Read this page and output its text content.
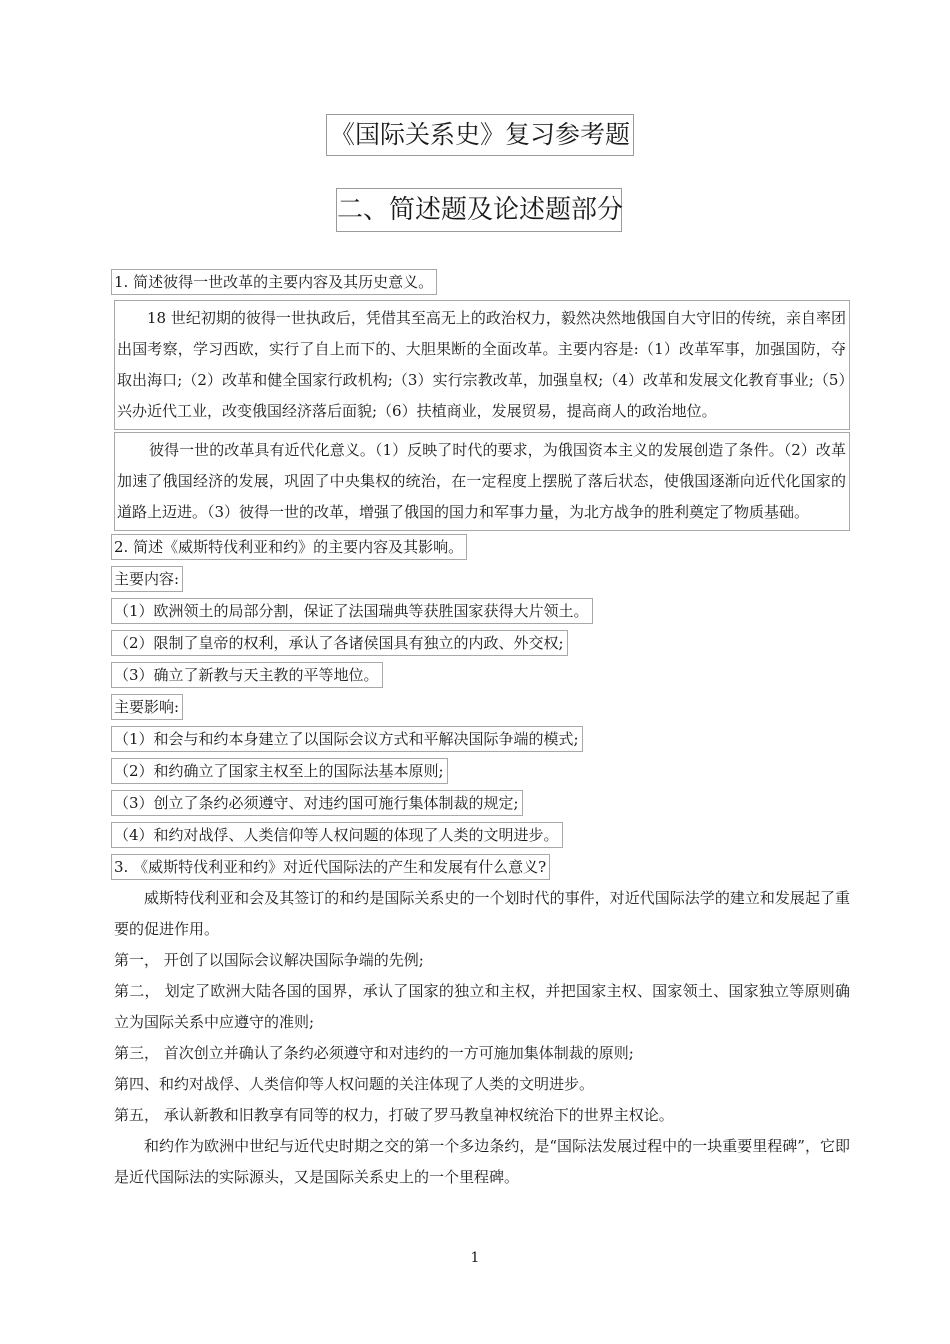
《国际关系史》复习参考题
二、简述题及论述题部分
1. 简述彼得一世改革的主要内容及其历史意义。

18 世纪初期的彼得一世执政后，凭借其至高无上的政治权力，毅然决然地俄国自大守旧的传统，亲自率团出国考察，学习西欧，实行了自上而下的、大胆果断的全面改革。主要内容是:（1）改革军事，加强国防，夺取出海口;（2）改革和健全国家行政机构;（3）实行宗教改革，加强皇权;（4）改革和发展文化教育事业;（5）兴办近代工业，改变俄国经济落后面貌;（6）扶植商业，发展贸易，提高商人的政治地位。

彼得一世的改革具有近代化意义。（1）反映了时代的要求，为俄国资本主义的发展创造了条件。（2）改革加速了俄国经济的发展，巩固了中央集权的统治，在一定程度上摆脱了落后状态，使俄国逐渐向近代化国家的道路上迈进。（3）彼得一世的改革，增强了俄国的国力和军事力量，为北方战争的胜利奠定了物质基础。

2. 简述《威斯特伐利亚和约》的主要内容及其影响。
主要内容:
（1）欧洲领土的局部分割，保证了法国瑞典等获胜国家获得大片领土。
（2）限制了皇帝的权利，承认了各诸侯国具有独立的内政、外交权;
（3）确立了新教与天主教的平等地位。
主要影响:
（1）和会与和约本身建立了以国际会议方式和平解决国际争端的模式;
（2）和约确立了国家主权至上的国际法基本原则;
（3）创立了条约必须遵守、对违约国可施行集体制裁的规定;
（4）和约对战俘、人类信仰等人权问题的体现了人类的文明进步。
3. 《威斯特伐利亚和约》对近代国际法的产生和发展有什么意义?

威斯特伐利亚和会及其签订的和约是国际关系史的一个划时代的事件，对近代国际法学的建立和发展起了重要的促进作用。

第一， 开创了以国际会议解决国际争端的先例;

第二， 划定了欧洲大陆各国的国界，承认了国家的独立和主权，并把国家主权、国家领土、国家独立等原则确立为国际关系中应遵守的准则;

第三， 首次创立并确认了条约必须遵守和对违约的一方可施加集体制裁的原则;

第四、和约对战俘、人类信仰等人权问题的关注体现了人类的文明进步。

第五， 承认新教和旧教享有同等的权力，打破了罗马教皇神权统治下的世界主权论。

和约作为欧洲中世纪与近代史时期之交的第一个多边条约，是“国际法发展过程中的一块重要里程碑”，它即是近代国际法的实际源头，又是国际关系史上的一个里程碑。

1
